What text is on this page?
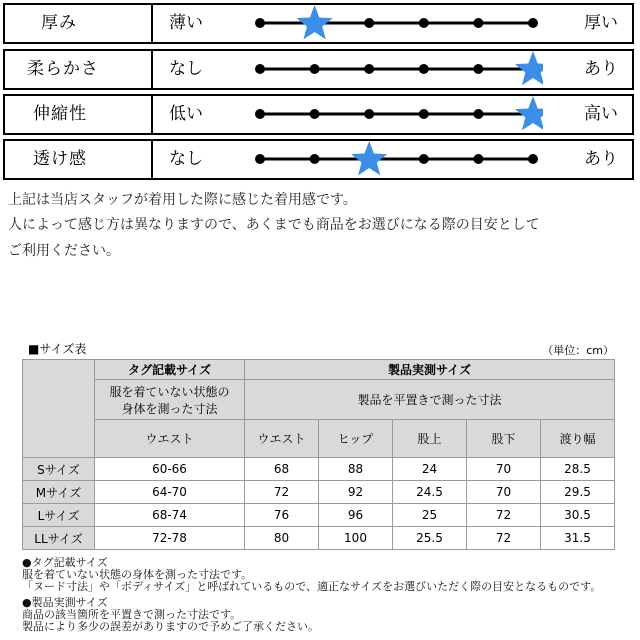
厚み	薄い	厚い
柔らかさ	なし	あり
伸縮性	低い	高い
透け感	なし	あり
上記は当店スタッフが着用した際に感じた着用感です。
人によって感じ方は異なりますので、あくまでも商品をお選びになる際の目安として
ご利用ください。
■サイズ表	（単位：cm）
	タグ記載サイズ	製品実測サイズ				
	服を着ていない状態の
身体を測った寸法	製品を平置きで測った寸法				
	ウエスト	ウエスト	ヒップ	股上	股下	渡り幅
Sサイズ	60-66	68	88	24	70	28.5
Mサイズ	64-70	72	92	24.5	70	29.5
Lサイズ	68-74	76	96	25	72	30.5
LLサイズ	72-78	80	100	25.5	72	31.5
●タグ記載サイズ
服を着ていない状態の身体を測った寸法です。
「ヌード寸法」や「ボディサイズ」と呼ばれているもので、適正なサイズをお選びいただく際の目安となるものです。
●製品実測サイズ
商品の該当箇所を平置きで測った寸法です。
製品により多少の誤差がありますので予めご了承ください。
